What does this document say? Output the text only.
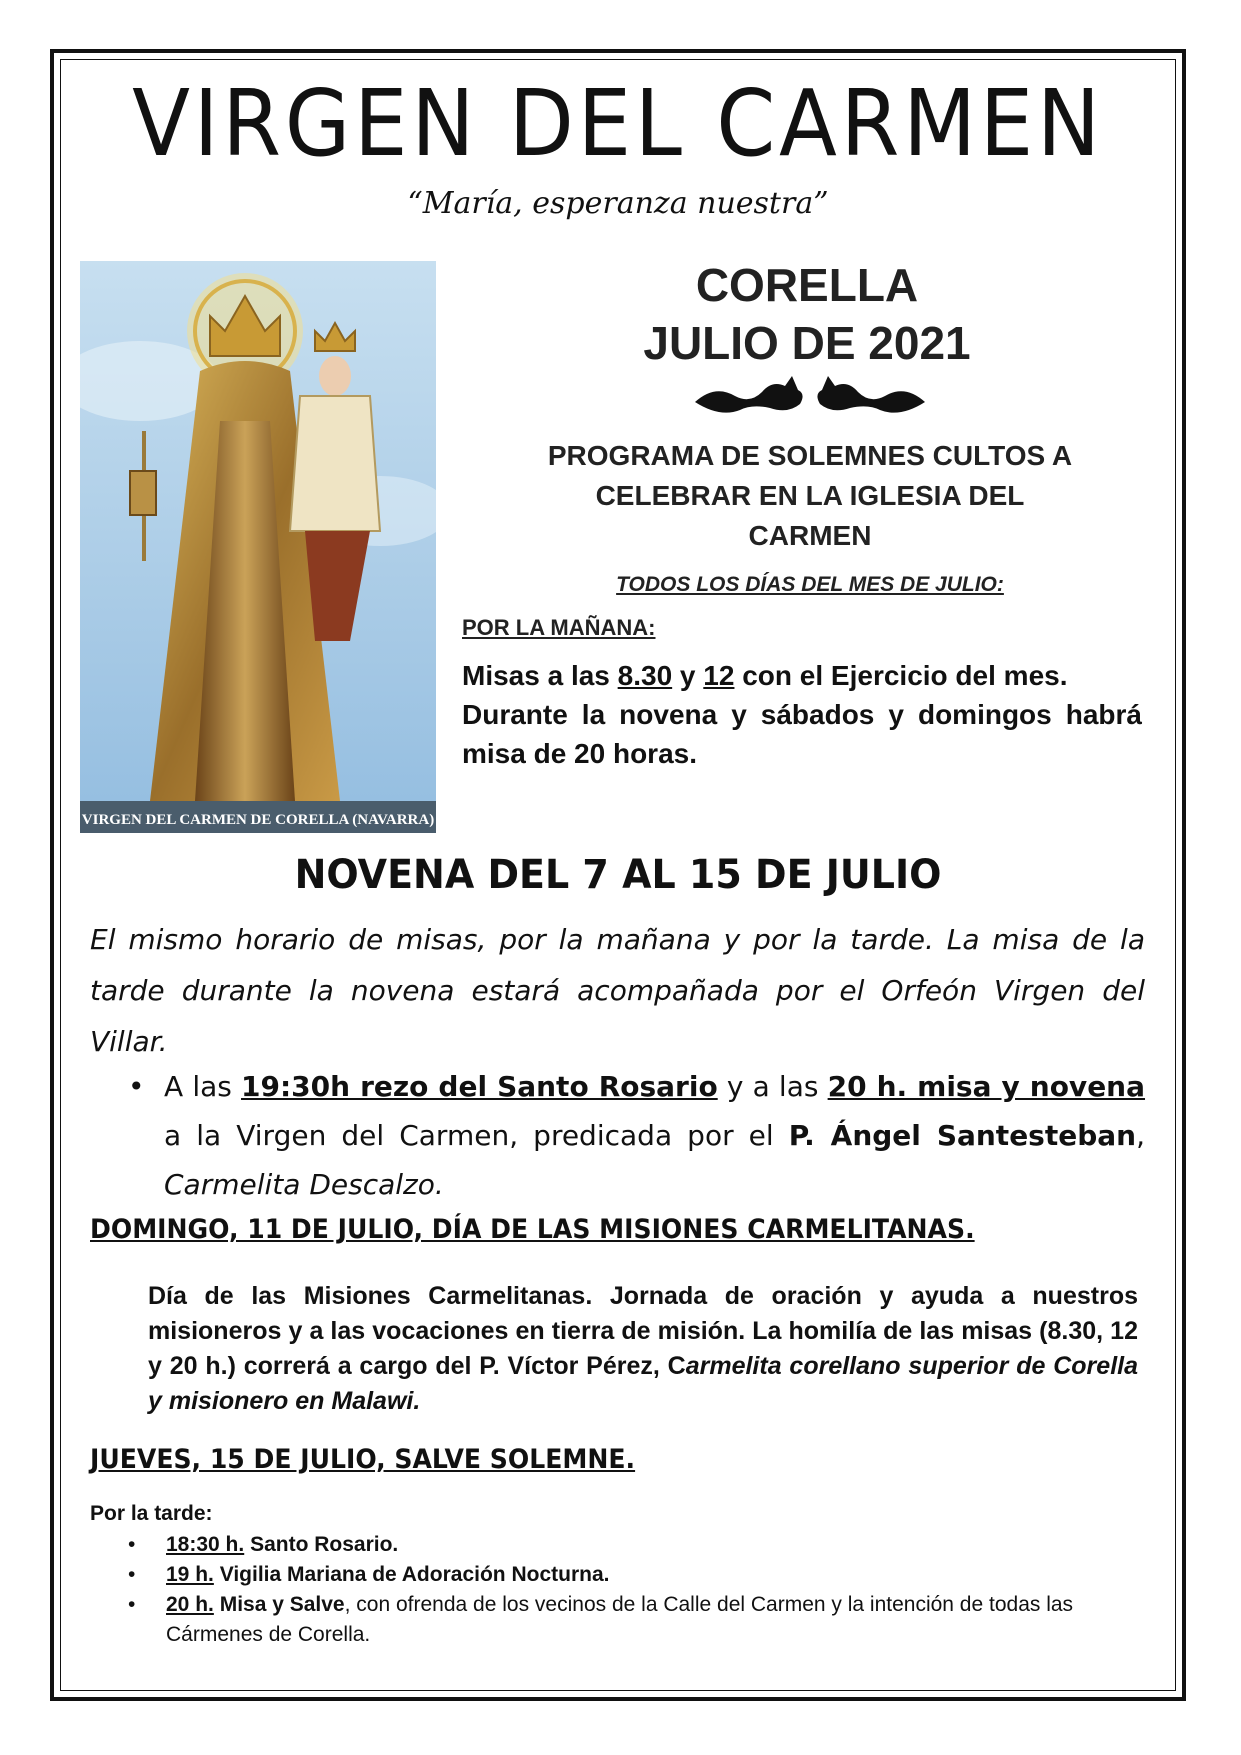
VIRGEN DEL CARMEN
“María, esperanza nuestra”
VIRGEN DEL CARMEN DE CORELLA (NAVARRA)
CORELLA
JULIO DE 2021
PROGRAMA DE SOLEMNES CULTOS A
CELEBRAR EN LA IGLESIA DEL
CARMEN
TODOS LOS DÍAS DEL MES DE JULIO:
POR LA MAÑANA:

Misas a las 8.30 y 12 con el Ejercicio del mes.

Durante la novena y sábados y domingos habrá misa de 20 horas.

NOVENA DEL 7 AL 15 DE JULIO
El mismo horario de misas, por la mañana y por la tarde. La misa de la tarde durante la novena estará acompañada por el Orfeón Virgen del Villar.
• A las 19:30h rezo del Santo Rosario y a las 20 h. misa y novena a la Virgen del Carmen, predicada por el P. Ángel Santesteban, Carmelita Descalzo.
DOMINGO, 11 DE JULIO, DÍA DE LAS MISIONES CARMELITANAS.
Día de las Misiones Carmelitanas. Jornada de oración y ayuda a nuestros misioneros y a las vocaciones en tierra de misión. La homilía de las misas (8.30, 12 y 20 h.) correrá a cargo del P. Víctor Pérez, Carmelita corellano superior de Corella y misionero en Malawi.
JUEVES, 15 DE JULIO, SALVE SOLEMNE.
Por la tarde:
• 18:30 h. Santo Rosario.
• 19 h. Vigilia Mariana de Adoración Nocturna.
• 20 h. Misa y Salve, con ofrenda de los vecinos de la Calle del Carmen y la intención de todas las Cármenes de Corella.
